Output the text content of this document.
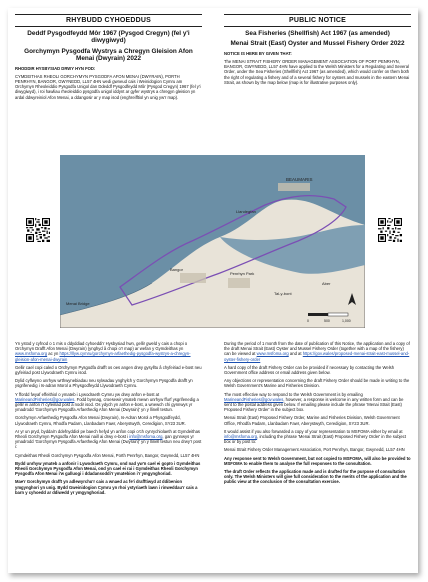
RHYBUDD CYHOEDDUS
Deddf Pysgodfeydd Môr 1967 (Pysgod Cregyn) (fel y'i diwygiwyd)
Gorchymyn Pysgodfa Wystrys a Chregyn Gleision Afon Menai (Dwyrain) 2022
RHODDIR HYSBYSIAD DRWY HYN FOD:
CYMDEITHAS RHEOLI GORCHYMYN PYSGODFA AFON MENAI (DWYRAIN), PORTH PENRHYN, BANGOR, GWYNEDD, LL57 4HN wedi gwneud cais i Weinidogion Cymru am Orchymyn Rheoleiddio Pysgodfa Unigol dan Ddeddf Pysgodfeydd Môr (Pysgod Cregyn) 1967 (fel y'i diwygiwyd), i roi hawliau rheoleiddio pysgodfa unigol iddynt ar gyfer wystrys a chregyn gleision yn ardal ddwyreiniol Afon Menai, a ddangosir ar y map isod (enghreifftiol yn unig yw'r map).
PUBLIC NOTICE
Sea Fisheries (Shellfish) Act 1967 (as amended)
Menai Strait (East) Oyster and Mussel Fishery Order 2022
NOTICE IS HERE BY GIVEN THAT:
The MENAI STRAIT FISHERY ORDER MANAGEMENT ASSOCIATION OF PORT PENRHYN, BANGOR, GWYNEDD, LL57 4HN have applied to the Welsh Ministers for a Regulating and Several Order, under the Sea Fisheries (Shellfish) Act 1967 (as amended), which would confer on them both the right of regulating a fishery and of a several fishery for oysters and mussels in the eastern Menai Strait, as shown by the map below (map is for illustrative purposes only).
BEAUMARIS
Llandegfan
Bangor
Penrhyn Park
Menai Bridge
Aber
Tal-y-bont
0	500	1,000
Yn ystod y cyfnod o 1 mis o ddyddiad cyhoeddi'r Hysbysiad hwn, gellir gweld y cais a chopi o Orchymyn Drafft Afon Menai (Dwyrain) (ynghyd â chopi o'r map) ar wefan y Gymdeithas yn www.msfoma.org ac yn https://llyw.cymru/gorchymyn-arfaethedig-pysgodfa-wystrys-a-chregyn-gleision-afon-menai-dwyrain
Gellir cael copi caled o Orchymyn Pysgodfa drafft os oes angen drwy gysylltu â chyfeiriad e-bost neu gyfeiriad post Llywodraeth Cymru isod.
Dylid cyflwyno unrhyw wrthwynebiadau neu sylwadau ynghylch y Gorchymyn Pysgodfa drafft yn ysgrifenedig i Is-adran Morol a Physgodfeydd Llywodraeth Cymru.
Y ffordd fwyaf effeithiol o ymateb i Lywodraeth Cymru yw drwy anfon e-bost at MarineandFisheries@gov.wales. Fodd bynnag, croesewir ymateb mewn unrhyw ffurf ysgrifenedig a gellir ei anfon i'r cyfeiriad post a nodir isod. Os ydych yn anfon e-bost, a wnewch chi gynnwys yr ymadrodd 'Gorchymyn Pysgodfa Arfaethedig Afon Menai (Dwyrain)' yn y llinell testun.
Gorchymyn Arfaethedig Pysgodfa Afon Menai (Dwyrain), Is-Adran Morol a Physgodfeydd, Llywodraeth Cymru, Rhodfa Padarn, Llanbadarn Fawr, Aberystwyth, Ceredigion, SY23 3UR.
Ar yr un pryd, byddai'n ddefnyddiol pe baech hefyd yn anfon copi o'ch cynrychiolaeth at Gymdeithas Rheoli Gorchymyn Pysgodfa Afon Menai naill ai drwy e-bost i info@msfoma.org, gan gynnwys yr ymadrodd 'Gorchymyn Pysgodfa Arfaethedig Afon Menai (Dwyrain)' yn y llinell testun neu drwy'r post i:
Cymdeithas Rheoli Gorchymyn Pysgodfa Afon Menai, Porth Penrhyn, Bangor, Gwynedd, LL57 4HN
Bydd unrhyw ymateb a anfonir i Lywodraeth Cymru, ond nad yw'n cael ei gopïo i Gymdeithas Rheoli Gorchymyn Pysgodfa Afon Menai, ond yn cael ei rai i Gymdeithas Rheoli Gorchymyn Pysgodfa Afon Menai i'w galluogi i ddadansoddi'r ymatebion i'r ymgynghoriad.
Mae'r Gorchymyn drafft yn adlewyrchu'r cais a wnaed ac fe'i drafftiwyd at ddibenion ymgynghori yn unig. Bydd Gweinidogion Cymru yn rhoi ystyriaeth lawn i rinweddau'r cais a barn y cyhoedd ar ddiwedd yr ymgynghoriad.
During the period of 1 month from the date of publication of this Notice, the application and a copy of the draft Menai Strait (East) Oyster and Mussel Fishery Order (together with a map of the fishery) can be viewed at www.msfoma.org and at https://gov.wales/proposed-menai-strait-east-mussel-and-oyster-fishery-order
A hard copy of the draft Fishery Order can be provided if necessary by contacting the Welsh Government office address or email address given below.
Any objections or representation concerning the draft Fishery Order should be made in writing to the Welsh Government's Marine and Fisheries Division.
The most effective way to respond to the Welsh Government is by emailing MarineandFisheries@gov.wales, however, a response is welcome in any written form and can be sent to the postal address given below. If emailing please include the phrase 'Menai Strait (East) Proposed Fishery Order' in the subject box.
Menai Strait (East) Proposed Fishery Order, Marine and Fisheries Division, Welsh Government Office, Rhodfa Padarn, Llanbadarn Fawr, Aberystwyth, Ceredigion, SY23 3UR.
It would assist if you also forwarded a copy of your representation to MSFOMA either by email at info@msfoma.org, including the phrase 'Menai Strait (East) Proposed Fishery Order' in the subject box or by post to:
Menai Strait Fishery Order Management Association, Port Penrhyn, Bangor, Gwynedd, LL57 4HN
Any response sent to Welsh Government, but not copied to MSFOMA, will also be provided to MSFOMA to enable them to analyse the full responses to the consultation.
The draft Order reflects the application made and is drafted for the purpose of consultation only. The Welsh Ministers will give full consideration to the merits of the application and the public view at the conclusion of the consultation exercise.
